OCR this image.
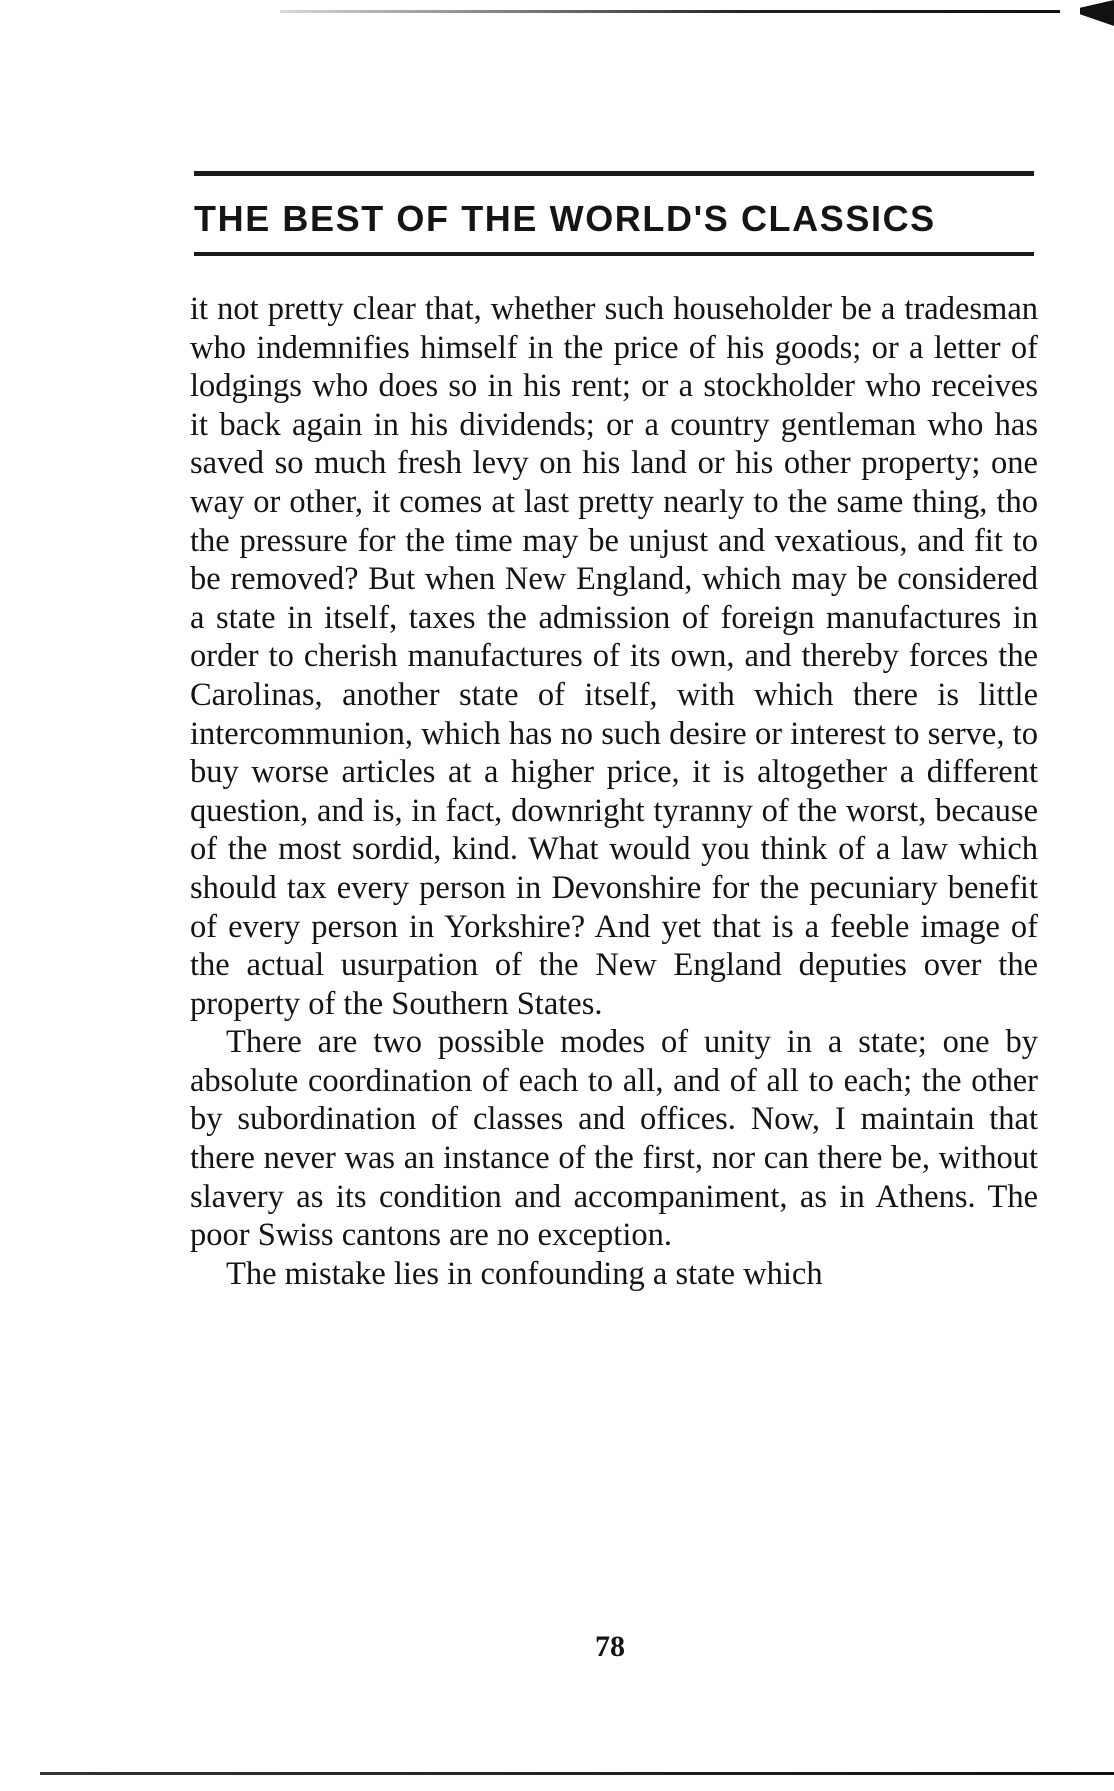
THE BEST OF THE WORLD'S CLASSICS

it not pretty clear that, whether such householder be a tradesman who indemnifies himself in the price of his goods; or a letter of lodgings who does so in his rent; or a stockholder who receives it back again in his dividends; or a country gentleman who has saved so much fresh levy on his land or his other property; one way or other, it comes at last pretty nearly to the same thing, tho the pressure for the time may be unjust and vexatious, and fit to be removed? But when New England, which may be considered a state in itself, taxes the admission of foreign manufactures in order to cherish manufactures of its own, and thereby forces the Carolinas, another state of itself, with which there is little intercommunion, which has no such desire or interest to serve, to buy worse articles at a higher price, it is altogether a different question, and is, in fact, downright tyranny of the worst, because of the most sordid, kind. What would you think of a law which should tax every person in Devonshire for the pecuniary benefit of every person in Yorkshire? And yet that is a feeble image of the actual usurpation of the New England deputies over the property of the Southern States.

There are two possible modes of unity in a state; one by absolute coordination of each to all, and of all to each; the other by subordination of classes and offices. Now, I maintain that there never was an instance of the first, nor can there be, without slavery as its condition and accompaniment, as in Athens. The poor Swiss cantons are no exception.

The mistake lies in confounding a state which

78
